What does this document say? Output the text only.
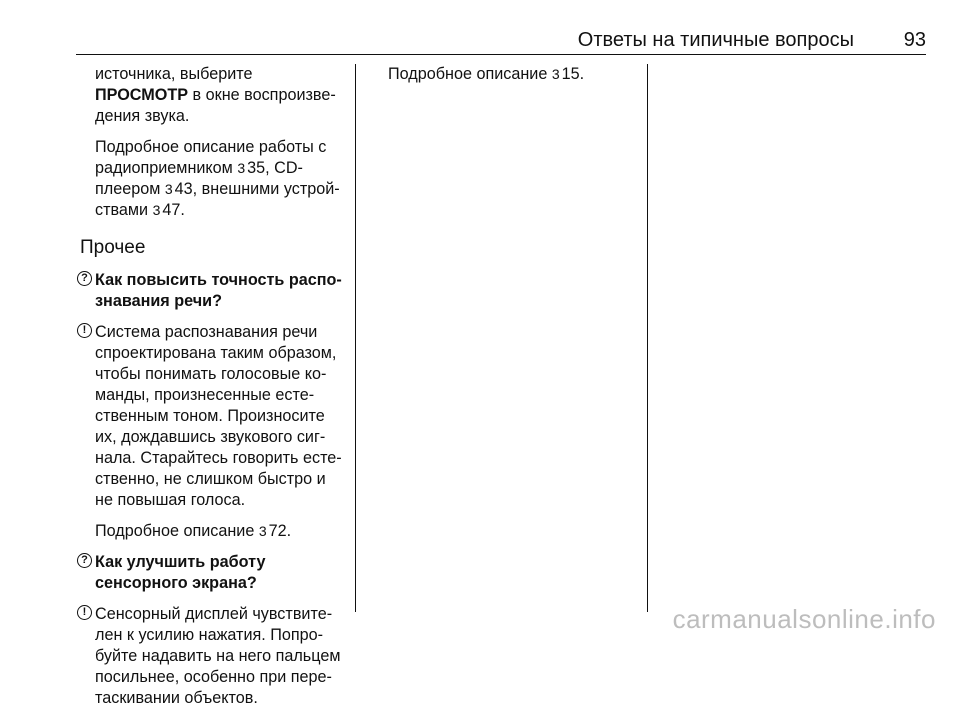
Ответы на типичные вопросы 93
источника, выберите
ПРОСМОТР в окне воспроизве-
дения звука.
Подробное описание работы с радиоприемником 3 35, CD-плеером 3 43, внешними устрой-ствами 3 47.
Прочее
? Как повысить точность распо-знавания речи?
! Система распознавания речи спроектирована таким образом, чтобы понимать голосовые ко-манды, произнесенные есте-ственным тоном. Произносите их, дождавшись звукового сиг-нала. Старайтесь говорить есте-ственно, не слишком быстро и не повышая голоса.
Подробное описание 3 72.
? Как улучшить работу сенсорного экрана?
! Сенсорный дисплей чувствите-лен к усилию нажатия. Попро-буйте надавить на него пальцем посильнее, особенно при пере-таскивании объектов.
Подробное описание 3 15.
carmanualsonline.info
